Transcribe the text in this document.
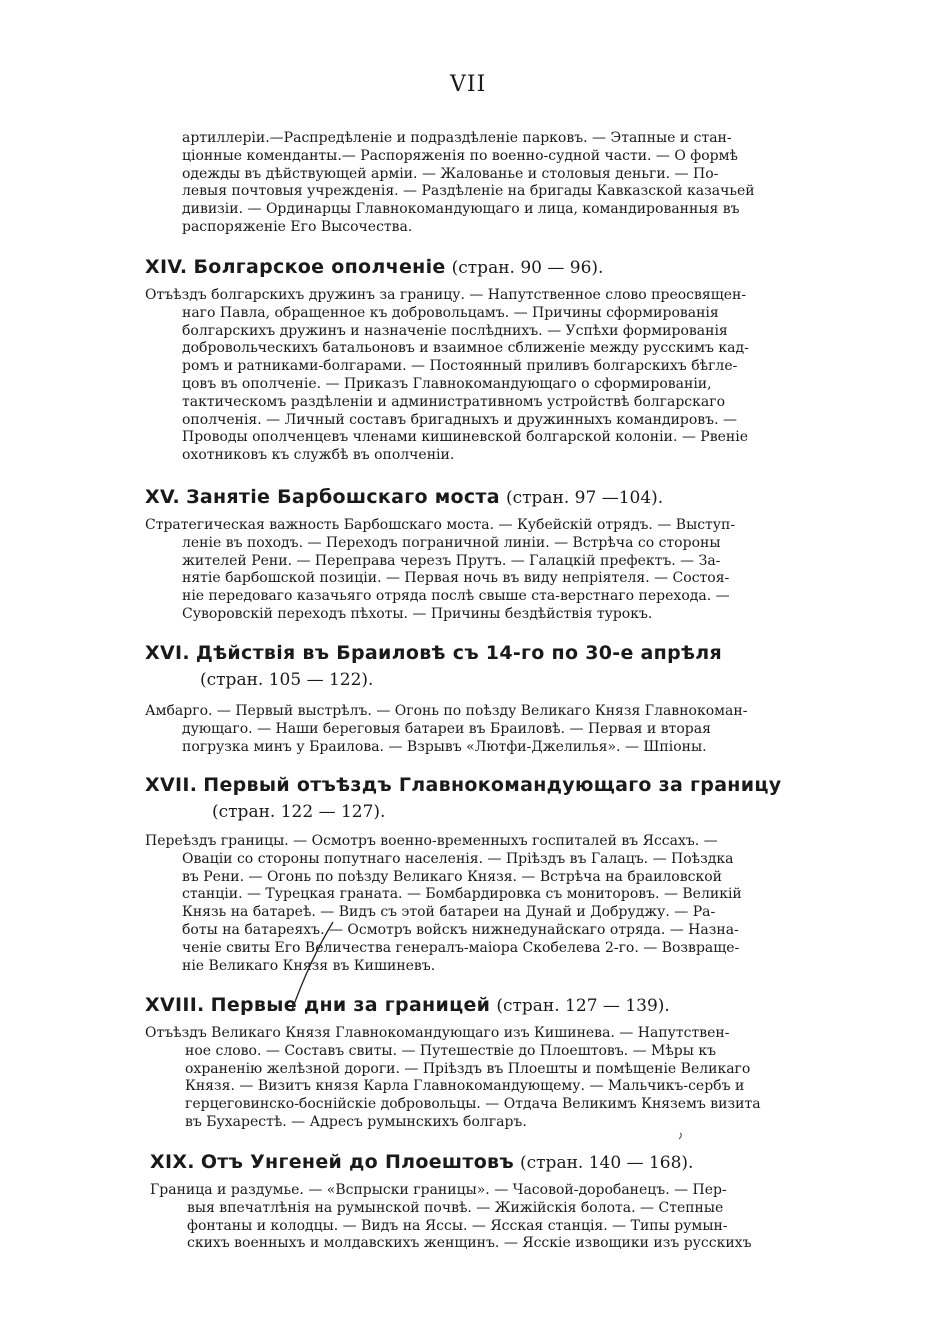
VII
артиллеріи.—Распредѣленіе и подраздѣленіе парковъ. — Этапные и стан-
ціонные коменданты.— Распоряженія по военно-судной части. — О формѣ
одежды въ дѣйствующей арміи. — Жалованье и столовыя деньги. — По-
левыя почтовыя учрежденія. — Раздѣленіе на бригады Кавказской казачьей
дивизіи. — Ординарцы Главнокомандующаго и лица, командированныя въ
распоряженіе Его Высочества.
XIV. Болгарское ополченіе (стран. 90 — 96).
Отъѣздъ болгарскихъ дружинъ за границу. — Напутственное слово преосвящен-
наго Павла, обращенное къ добровольцамъ. — Причины сформированія
болгарскихъ дружинъ и назначеніе послѣднихъ. — Успѣхи формированія
добровольческихъ батальоновъ и взаимное сближеніе между русскимъ кад-
ромъ и ратниками-болгарами. — Постоянный приливъ болгарскихъ бѣгле-
цовъ въ ополченіе. — Приказъ Главнокомандующаго о сформированіи,
тактическомъ раздѣленіи и административномъ устройствѣ болгарскаго
ополченія. — Личный составъ бригадныхъ и дружинныхъ командировъ. —
Проводы ополченцевъ членами кишиневской болгарской колоніи. — Рвеніе
охотниковъ къ службѣ въ ополченіи.
XV. Занятіе Барбошскаго моста (стран. 97 —104).
Стратегическая важность Барбошскаго моста. — Кубейскій отрядъ. — Выступ-
леніе въ походъ. — Переходъ пограничной линіи. — Встрѣча со стороны
жителей Рени. — Переправа черезъ Прутъ. — Галацкій префектъ. — За-
нятіе барбошской позиціи. — Первая ночь въ виду непріятеля. — Состоя-
ніе передоваго казачьяго отряда послѣ свыше ста-верстнаго перехода. —
Суворовскій переходъ пѣхоты. — Причины бездѣйствія турокъ.
XVI. Дѣйствія въ Браиловѣ съ 14-го по 30-е апрѣля
(стран. 105 — 122).
Амбарго. — Первый выстрѣлъ. — Огонь по поѣзду Великаго Князя Главнокоман-
дующаго. — Наши береговыя батареи въ Браиловѣ. — Первая и вторая
погрузка минъ у Браилова. — Взрывъ «Лютфи-Джелилья». — Шпіоны.
XVII. Первый отъѣздъ Главнокомандующаго за границу
(стран. 122 — 127).
Переѣздъ границы. — Осмотръ военно-временныхъ госпиталей въ Яссахъ. —
Оваціи со стороны попутнаго населенія. — Пріѣздъ въ Галацъ. — Поѣздка
въ Рени. — Огонь по поѣзду Великаго Князя. — Встрѣча на браиловской
станціи. — Турецкая граната. — Бомбардировка съ мониторовъ. — Великій
Князь на батареѣ. — Видъ съ этой батареи на Дунай и Добруджу. — Ра-
боты на батареяхъ. — Осмотръ войскъ нижнедунайскаго отряда. — Назна-
ченіе свиты Его Величества генералъ-маіора Скобелева 2-го. — Возвраще-
ніе Великаго Князя въ Кишиневъ.
XVIII. Первые дни за границей (стран. 127 — 139).
Отъѣздъ Великаго Князя Главнокомандующаго изъ Кишинева. — Напутствен-
ное слово. — Составъ свиты. — Путешествіе до Плоештовъ. — Мѣры къ
охраненію желѣзной дороги. — Пріѣздъ въ Плоешты и помѣщеніе Великаго
Князя. — Визитъ князя Карла Главнокомандующему. — Мальчикъ-сербъ и
герцеговинско-боснійскіе добровольцы. — Отдача Великимъ Княземъ визита
въ Бухарестѣ. — Адресъ румынскихъ болгаръ.
XIX. Отъ Унгеней до Плоештовъ (стран. 140 — 168).
Граница и раздумье. — «Вспрыски границы». — Часовой-доробанецъ. — Пер-
выя впечатлѣнія на румынской почвѣ. — Жижійскія болота. — Степные
фонтаны и колодцы. — Видъ на Яссы. — Ясская станція. — Типы румын-
скихъ военныхъ и молдавскихъ женщинъ. — Ясскіе извощики изъ русскихъ
